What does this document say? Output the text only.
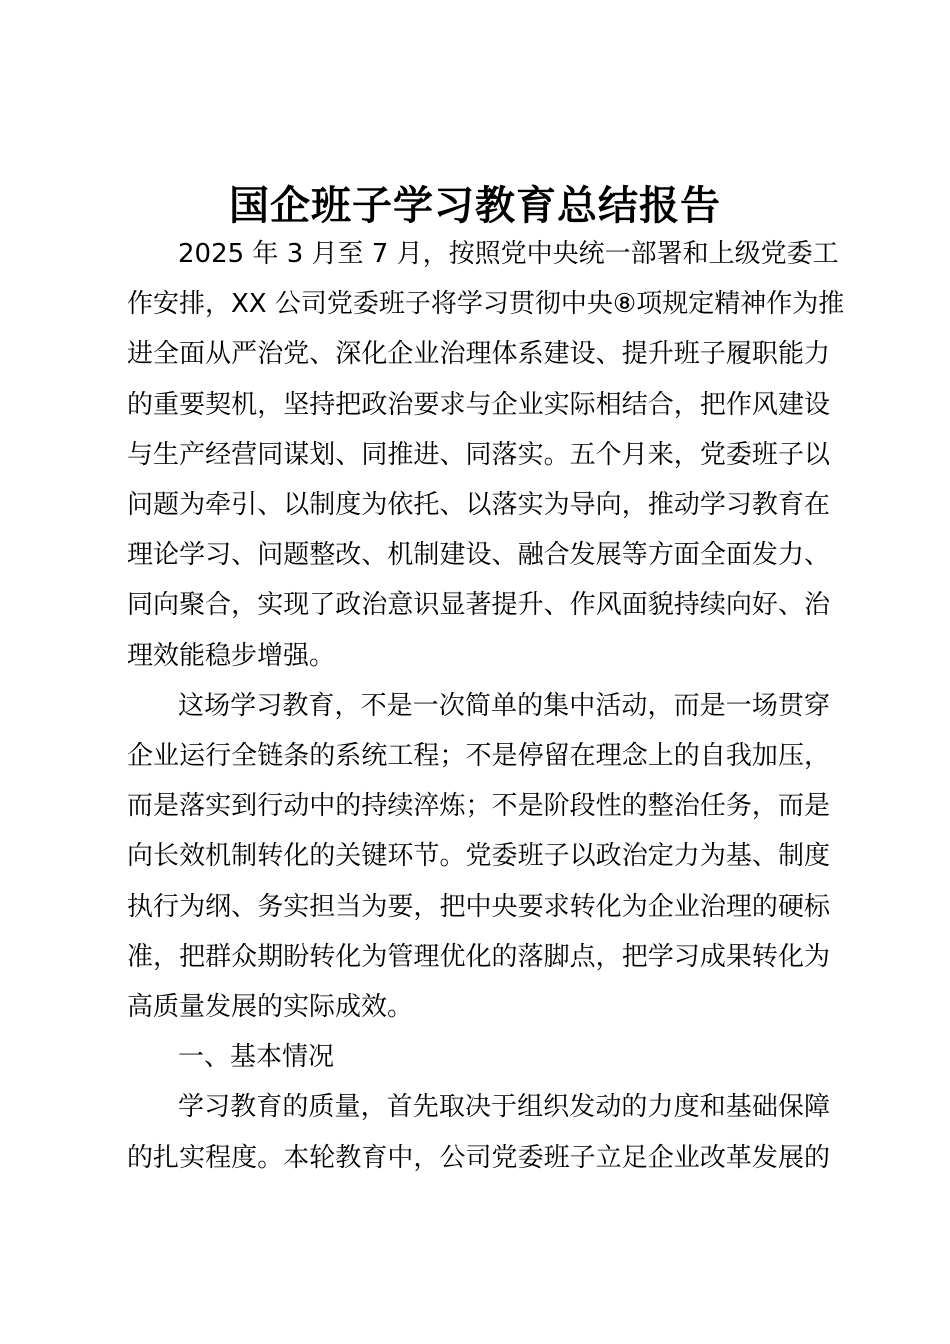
国企班子学习教育总结报告
2025 年 3 月至 7 月，按照党中央统一部署和上级党委工
作安排，XX 公司党委班子将学习贯彻中央⑧项规定精神作为推
进全面从严治党、深化企业治理体系建设、提升班子履职能力
的重要契机，坚持把政治要求与企业实际相结合，把作风建设
与生产经营同谋划、同推进、同落实。五个月来，党委班子以
问题为牵引、以制度为依托、以落实为导向，推动学习教育在
理论学习、问题整改、机制建设、融合发展等方面全面发力、
同向聚合，实现了政治意识显著提升、作风面貌持续向好、治
理效能稳步增强。
这场学习教育，不是一次简单的集中活动，而是一场贯穿
企业运行全链条的系统工程；不是停留在理念上的自我加压，
而是落实到行动中的持续淬炼；不是阶段性的整治任务，而是
向长效机制转化的关键环节。党委班子以政治定力为基、制度
执行为纲、务实担当为要，把中央要求转化为企业治理的硬标
准，把群众期盼转化为管理优化的落脚点，把学习成果转化为
高质量发展的实际成效。
一、基本情况
学习教育的质量，首先取决于组织发动的力度和基础保障
的扎实程度。本轮教育中，公司党委班子立足企业改革发展的
